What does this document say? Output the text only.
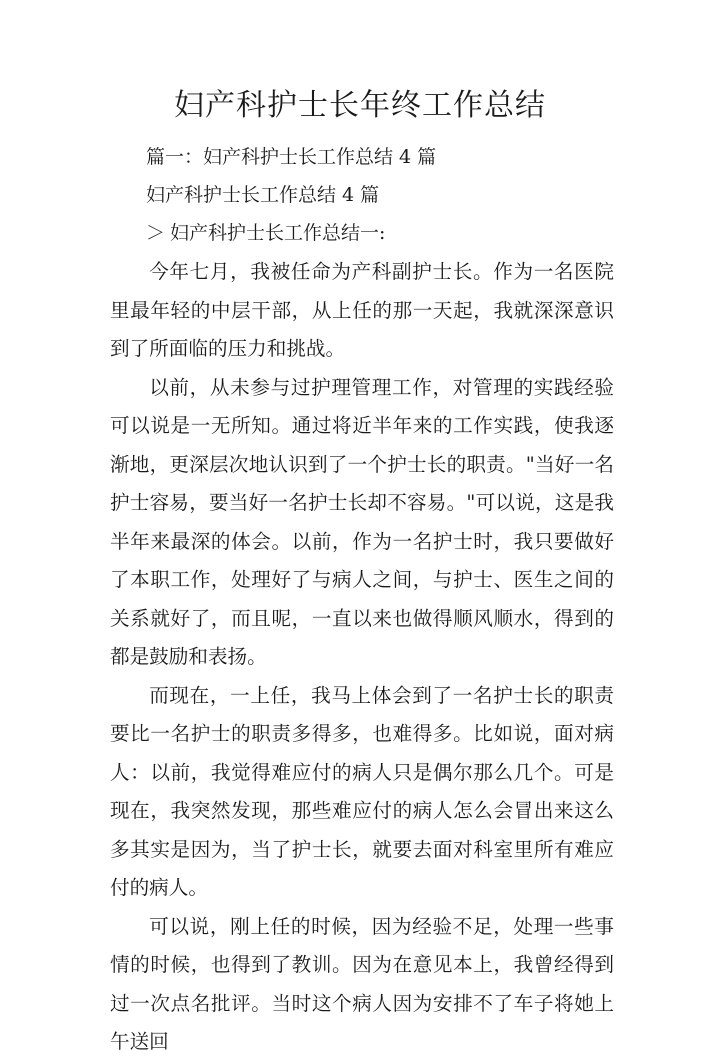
妇产科护士长年终工作总结
篇一：妇产科护士长工作总结 4 篇
妇产科护士长工作总结 4 篇
＞ 妇产科护士长工作总结一:

今年七月，我被任命为产科副护士长。作为一名医院里最年轻的中层干部，从上任的那一天起，我就深深意识到了所面临的压力和挑战。

以前，从未参与过护理管理工作，对管理的实践经验可以说是一无所知。通过将近半年来的工作实践，使我逐渐地，更深层次地认识到了一个护士长的职责。"当好一名护士容易，要当好一名护士长却不容易。"可以说，这是我半年来最深的体会。以前，作为一名护士时，我只要做好了本职工作，处理好了与病人之间，与护士、医生之间的关系就好了，而且呢，一直以来也做得顺风顺水，得到的都是鼓励和表扬。

而现在，一上任，我马上体会到了一名护士长的职责要比一名护士的职责多得多，也难得多。比如说，面对病人：以前，我觉得难应付的病人只是偶尔那么几个。可是现在，我突然发现，那些难应付的病人怎么会冒出来这么多其实是因为，当了护士长，就要去面对科室里所有难应付的病人。

可以说，刚上任的时候，因为经验不足，处理一些事情的时候，也得到了教训。因为在意见本上，我曾经得到过一次点名批评。当时这个病人因为安排不了车子将她上午送回
